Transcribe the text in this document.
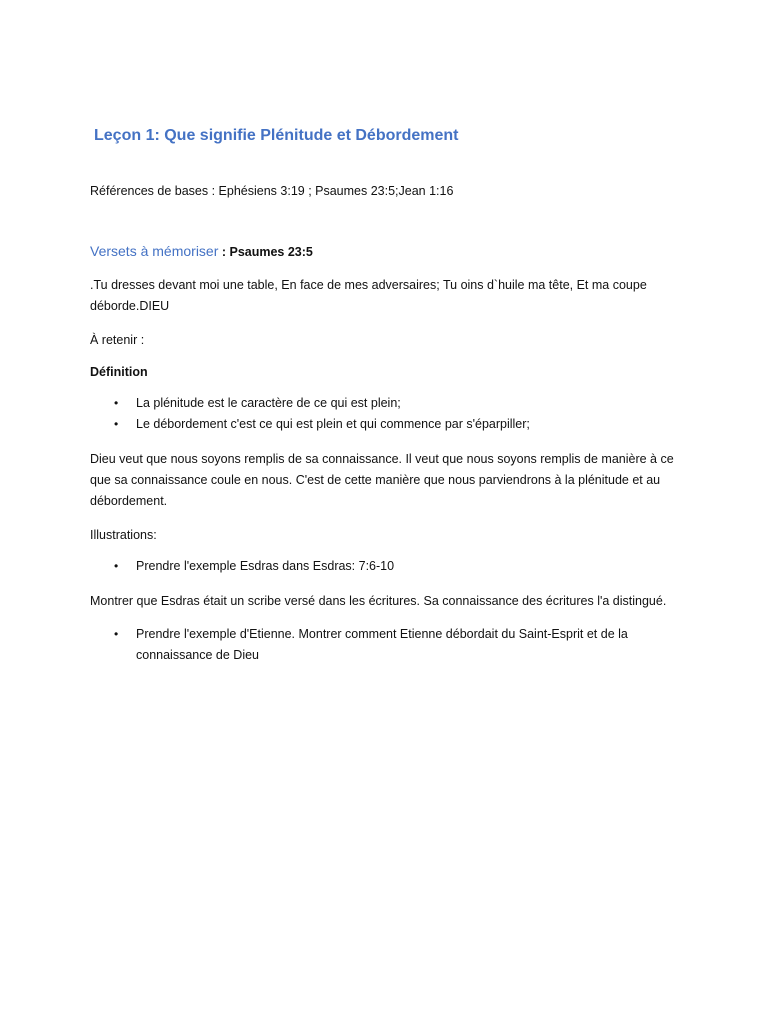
Leçon 1: Que signifie Plénitude et Débordement

Références de bases : Ephésiens 3:19 ; Psaumes 23:5;Jean 1:16

Versets à mémoriser : Psaumes 23:5

.Tu dresses devant moi une table, En face de mes adversaires; Tu oins d`huile ma tête, Et ma coupe déborde.DIEU

À retenir :

Définition

• La plénitude est le caractère de ce qui est plein;
• Le débordement c'est ce qui est plein et qui commence par s'éparpiller;

Dieu veut que nous soyons remplis de sa connaissance. Il veut que nous soyons remplis de manière à ce que sa connaissance coule en nous. C'est de cette manière que nous parviendrons à la plénitude et au débordement.

Illustrations:

• Prendre l'exemple Esdras dans Esdras: 7:6-10

Montrer que Esdras était un scribe versé dans les écritures. Sa connaissance des écritures l'a distingué.

• Prendre l'exemple d'Etienne. Montrer comment Etienne débordait du Saint-Esprit et de la connaissance de Dieu
